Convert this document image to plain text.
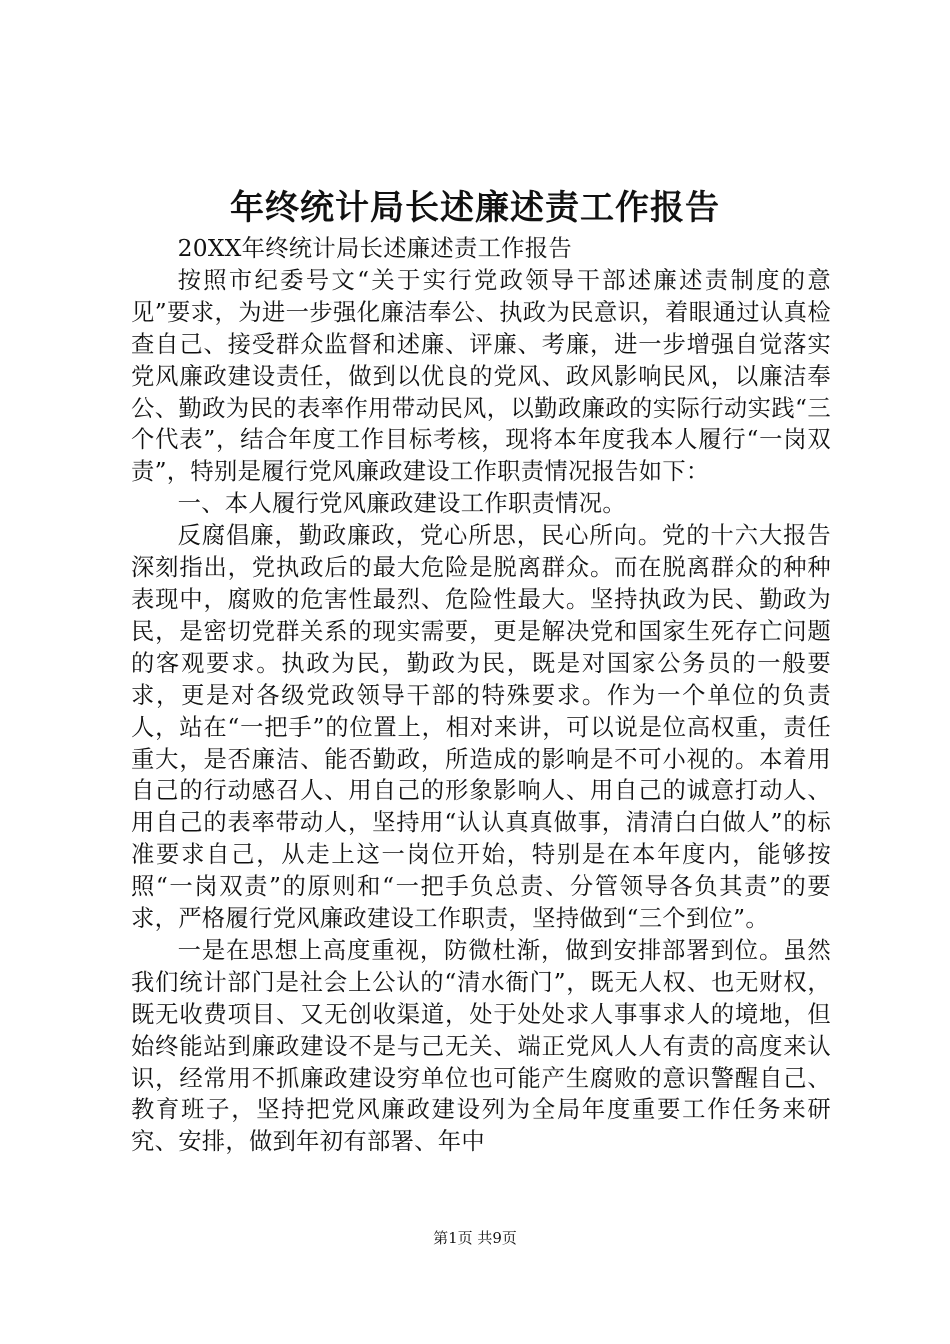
年终统计局长述廉述责工作报告

20XX年终统计局长述廉述责工作报告

按照市纪委号文“关于实行党政领导干部述廉述责制度的意见”要求，为进一步强化廉洁奉公、执政为民意识，着眼通过认真检查自己、接受群众监督和述廉、评廉、考廉，进一步增强自觉落实党风廉政建设责任，做到以优良的党风、政风影响民风，以廉洁奉公、勤政为民的表率作用带动民风，以勤政廉政的实际行动实践“三个代表”，结合年度工作目标考核，现将本年度我本人履行“一岗双责”，特别是履行党风廉政建设工作职责情况报告如下：

一、本人履行党风廉政建设工作职责情况。

反腐倡廉，勤政廉政，党心所思，民心所向。党的十六大报告深刻指出，党执政后的最大危险是脱离群众。而在脱离群众的种种表现中，腐败的危害性最烈、危险性最大。坚持执政为民、勤政为民，是密切党群关系的现实需要，更是解决党和国家生死存亡问题的客观要求。执政为民，勤政为民，既是对国家公务员的一般要求，更是对各级党政领导干部的特殊要求。作为一个单位的负责人，站在“一把手”的位置上，相对来讲，可以说是位高权重，责任重大，是否廉洁、能否勤政，所造成的影响是不可小视的。本着用自己的行动感召人、用自己的形象影响人、用自己的诚意打动人、用自己的表率带动人，坚持用“认认真真做事，清清白白做人”的标准要求自己，从走上这一岗位开始，特别是在本年度内，能够按照“一岗双责”的原则和“一把手负总责、分管领导各负其责”的要求，严格履行党风廉政建设工作职责，坚持做到“三个到位”。

一是在思想上高度重视，防微杜渐，做到安排部署到位。虽然我们统计部门是社会上公认的“清水衙门”，既无人权、也无财权，既无收费项目、又无创收渠道，处于处处求人事事求人的境地，但始终能站到廉政建设不是与己无关、端正党风人人有责的高度来认识，经常用不抓廉政建设穷单位也可能产生腐败的意识警醒自己、教育班子，坚持把党风廉政建设列为全局年度重要工作任务来研究、安排，做到年初有部署、年中

第1页 共9页
